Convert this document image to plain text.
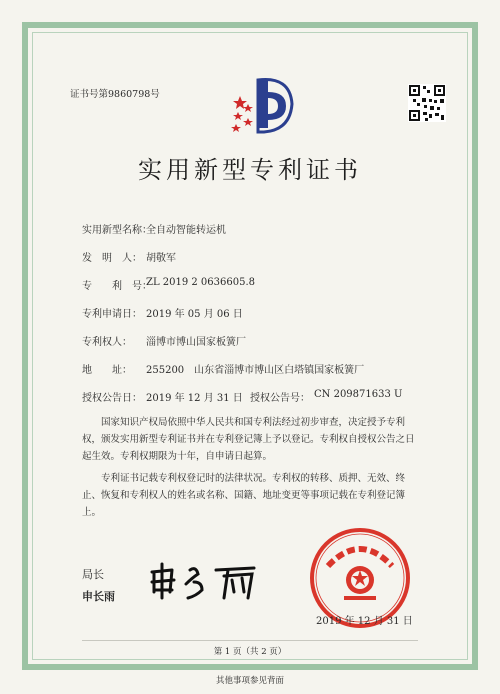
证书号第9860798号
实用新型专利证书
实用新型名称：
全自动智能转运机
发　明　人： 胡敬军
专　　利　号：
ZL 2019 2 0636605.8
专利申请日： 2019 年 05 月 06 日
专利权人： 淄博市博山国家板簧厂
地　　址： 255200　山东省淄博市博山区白塔镇国家板簧厂
授权公告日： 2019 年 12 月 31 日 授权公告号： CN 209871633 U
国家知识产权局依照中华人民共和国专利法经过初步审查，决定授予专利权，颁发实用新型专利证书并在专利登记簿上予以登记。专利权自授权公告之日起生效。专利权期限为十年，自申请日起算。
专利证书记载专利权登记时的法律状况。专利权的转移、质押、无效、终止、恢复和专利权人的姓名或名称、国籍、地址变更等事项记载在专利登记簿上。
局长
申长雨
2019 年 12 月 31 日
第 1 页（共 2 页）
其他事项参见背面
